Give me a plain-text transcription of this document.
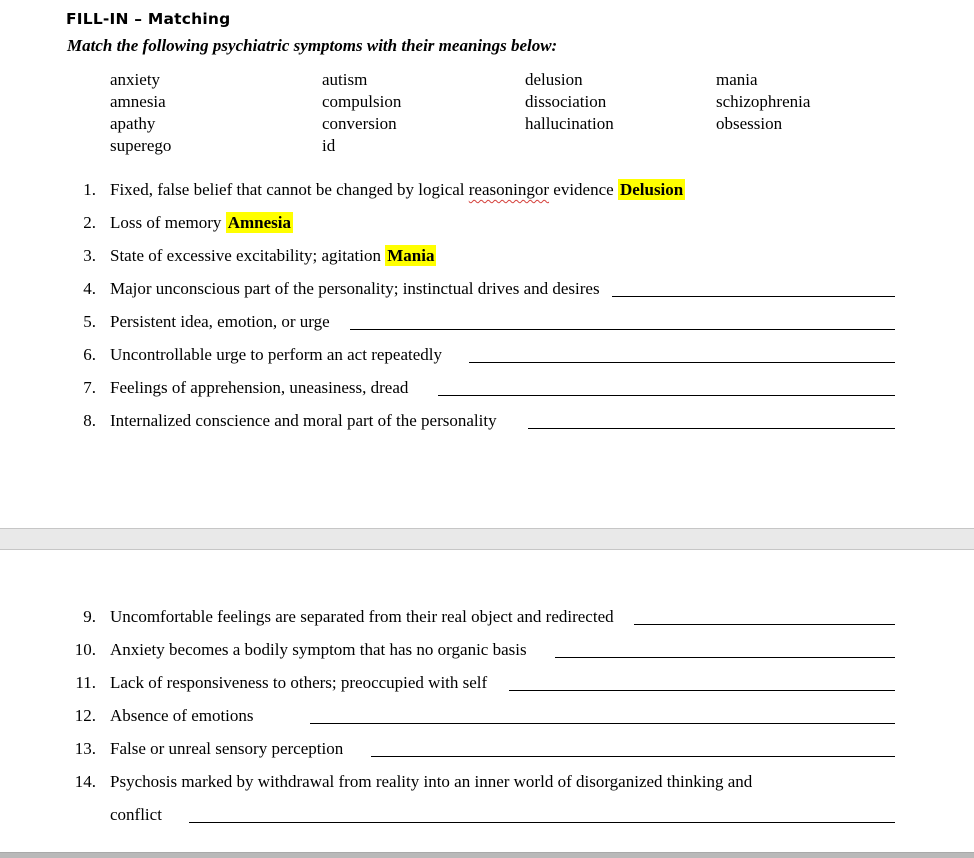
FILL-IN – Matching

Match the following psychiatric symptoms with their meanings below:

anxiety	autism	delusion	mania
amnesia	compulsion	dissociation	schizophrenia
apathy	conversion	hallucination	obsession
superego	id
1. Fixed, false belief that cannot be changed by logical reasoningor evidence Delusion
2. Loss of memory Amnesia
3. State of excessive excitability; agitation Mania
4. Major unconscious part of the personality; instinctual drives and desires
5. Persistent idea, emotion, or urge
6. Uncontrollable urge to perform an act repeatedly
7. Feelings of apprehension, uneasiness, dread
8. Internalized conscience and moral part of the personality
9. Uncomfortable feelings are separated from their real object and redirected
10. Anxiety becomes a bodily symptom that has no organic basis
11. Lack of responsiveness to others; preoccupied with self
12. Absence of emotions
13. False or unreal sensory perception
14. Psychosis marked by withdrawal from reality into an inner world of disorganized thinking and
conflict
